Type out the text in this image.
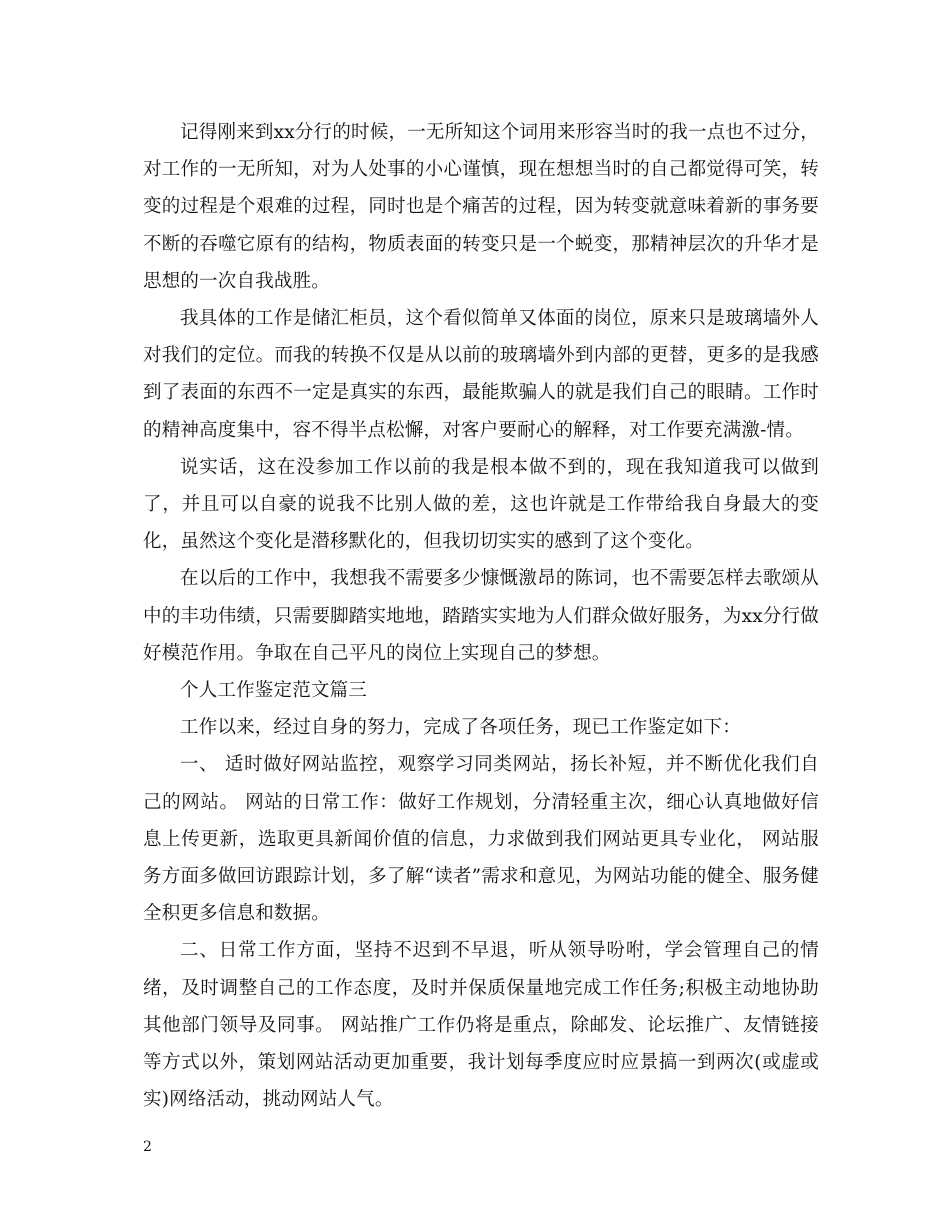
记得刚来到xx分行的时候，一无所知这个词用来形容当时的我一点也不过分，对工作的一无所知，对为人处事的小心谨慎，现在想想当时的自己都觉得可笑，转变的过程是个艰难的过程，同时也是个痛苦的过程，因为转变就意味着新的事务要不断的吞噬它原有的结构，物质表面的转变只是一个蜕变，那精神层次的升华才是思想的一次自我战胜。

我具体的工作是储汇柜员，这个看似简单又体面的岗位，原来只是玻璃墙外人对我们的定位。而我的转换不仅是从以前的玻璃墙外到内部的更替，更多的是我感到了表面的东西不一定是真实的东西，最能欺骗人的就是我们自己的眼睛。工作时的精神高度集中，容不得半点松懈，对客户要耐心的解释，对工作要充满激-情。

说实话，这在没参加工作以前的我是根本做不到的，现在我知道我可以做到了，并且可以自豪的说我不比别人做的差，这也许就是工作带给我自身最大的变化，虽然这个变化是潜移默化的，但我切切实实的感到了这个变化。

在以后的工作中，我想我不需要多少慷慨激昂的陈词，也不需要怎样去歌颂从中的丰功伟绩，只需要脚踏实地地，踏踏实实地为人们群众做好服务，为xx分行做好模范作用。争取在自己平凡的岗位上实现自己的梦想。

个人工作鉴定范文篇三

工作以来，经过自身的努力，完成了各项任务，现已工作鉴定如下：

一、 适时做好网站监控，观察学习同类网站，扬长补短，并不断优化我们自己的网站。 网站的日常工作：做好工作规划，分清轻重主次，细心认真地做好信息上传更新，选取更具新闻价值的信息，力求做到我们网站更具专业化， 网站服务方面多做回访跟踪计划，多了解“读者”需求和意见，为网站功能的健全、服务健全积更多信息和数据。

二、日常工作方面，坚持不迟到不早退，听从领导吩咐，学会管理自己的情绪，及时调整自己的工作态度，及时并保质保量地完成工作任务;积极主动地协助其他部门领导及同事。 网站推广工作仍将是重点，除邮发、论坛推广、友情链接等方式以外，策划网站活动更加重要，我计划每季度应时应景搞一到两次(或虚或实)网络活动，挑动网站人气。

2
